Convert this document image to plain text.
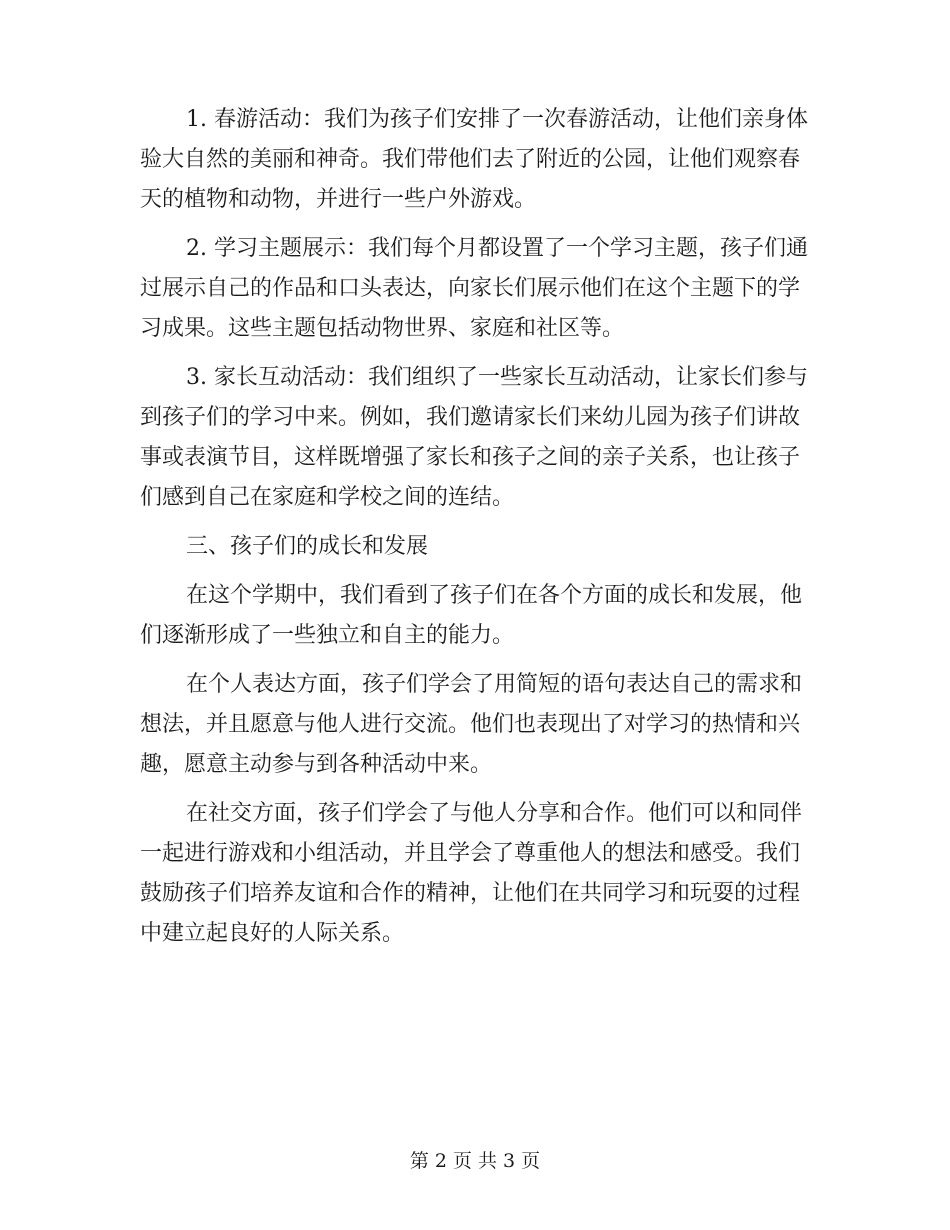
1. 春游活动：我们为孩子们安排了一次春游活动，让他们亲身体验大自然的美丽和神奇。我们带他们去了附近的公园，让他们观察春天的植物和动物，并进行一些户外游戏。

2. 学习主题展示：我们每个月都设置了一个学习主题，孩子们通过展示自己的作品和口头表达，向家长们展示他们在这个主题下的学习成果。这些主题包括动物世界、家庭和社区等。

3. 家长互动活动：我们组织了一些家长互动活动，让家长们参与到孩子们的学习中来。例如，我们邀请家长们来幼儿园为孩子们讲故事或表演节目，这样既增强了家长和孩子之间的亲子关系，也让孩子们感到自己在家庭和学校之间的连结。

三、孩子们的成长和发展

在这个学期中，我们看到了孩子们在各个方面的成长和发展，他们逐渐形成了一些独立和自主的能力。

在个人表达方面，孩子们学会了用简短的语句表达自己的需求和想法，并且愿意与他人进行交流。他们也表现出了对学习的热情和兴趣，愿意主动参与到各种活动中来。

在社交方面，孩子们学会了与他人分享和合作。他们可以和同伴一起进行游戏和小组活动，并且学会了尊重他人的想法和感受。我们鼓励孩子们培养友谊和合作的精神，让他们在共同学习和玩耍的过程中建立起良好的人际关系。

第 2 页 共 3 页
